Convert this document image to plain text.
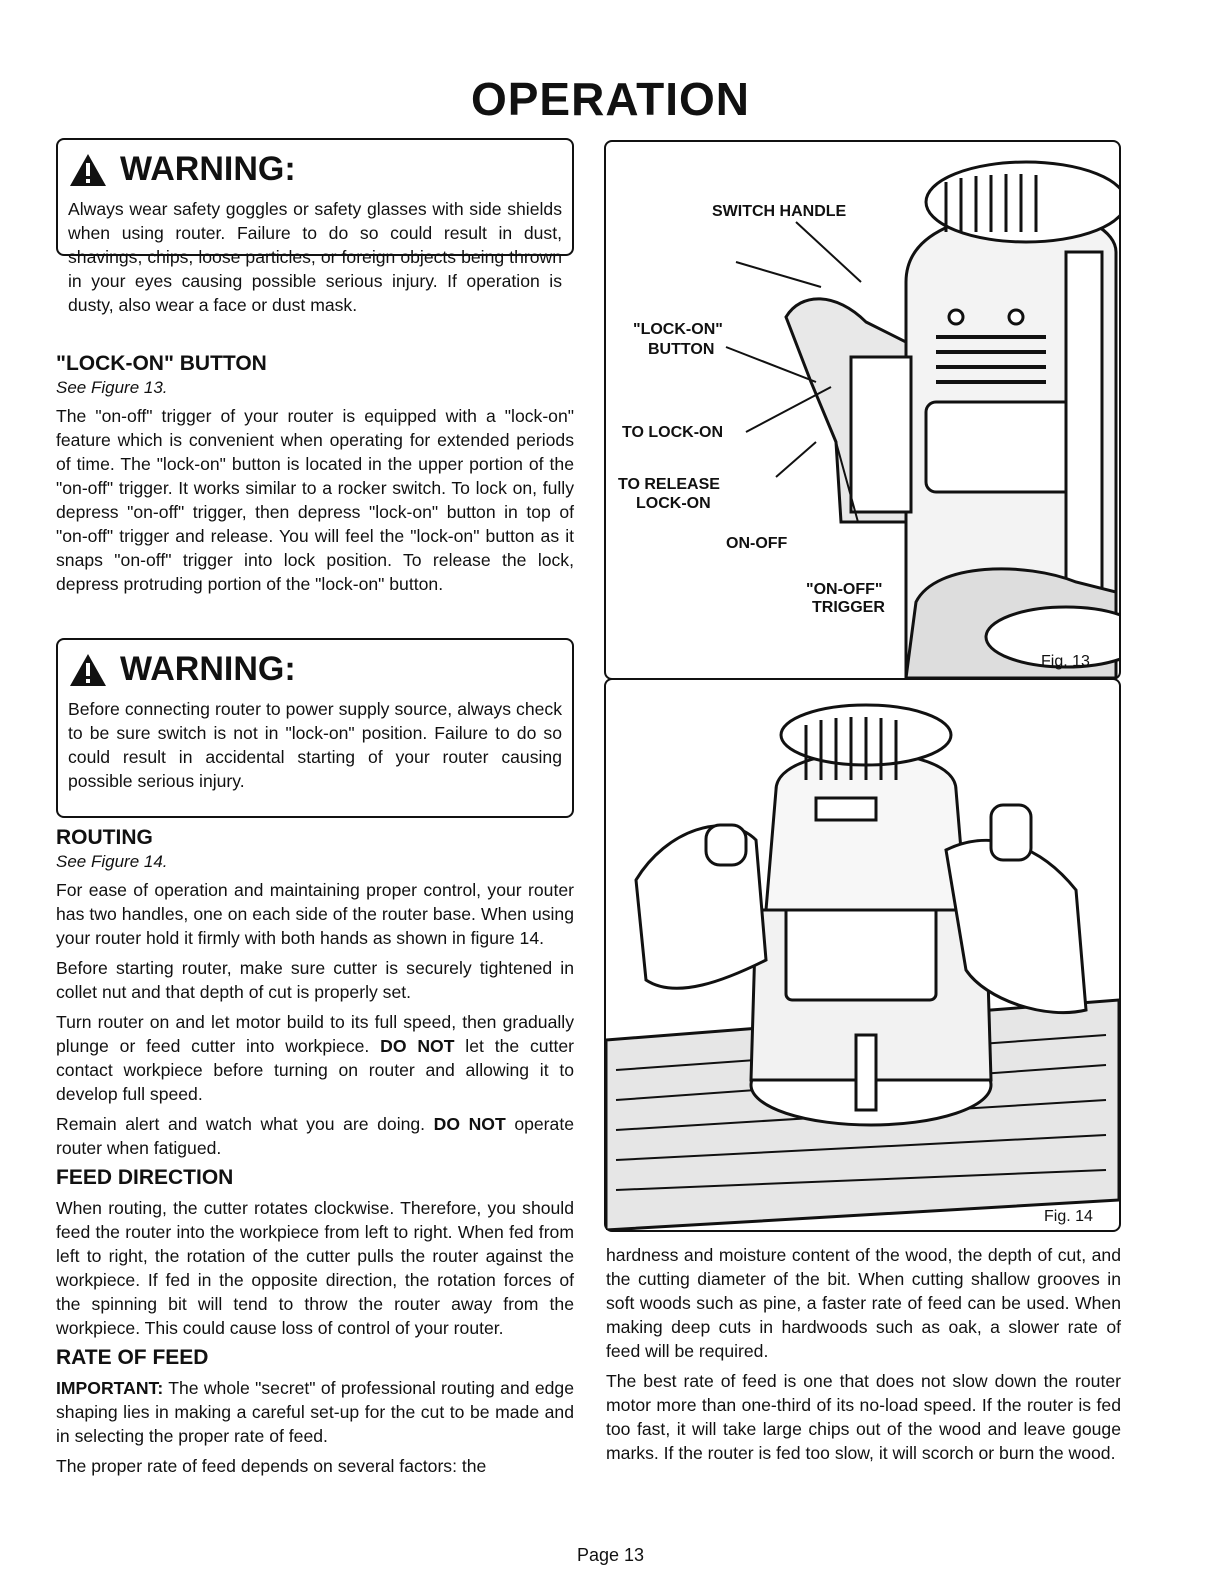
OPERATION
WARNING:

Always wear safety goggles or safety glasses with side shields when using router. Failure to do so could result in dust, shavings, chips, loose particles, or foreign objects being thrown in your eyes causing possible serious injury. If operation is dusty, also wear a face or dust mask.

"LOCK-ON" BUTTON
See Figure 13.

The "on-off" trigger of your router is equipped with a "lock-on" feature which is convenient when operating for extended periods of time. The "lock-on" button is located in the upper portion of the "on-off" trigger. It works similar to a rocker switch. To lock on, fully depress "on-off" trigger, then depress "lock-on" button in top of "on-off" trigger and release. You will feel the "lock-on" button as it snaps "on-off" trigger into lock position. To release the lock, depress protruding portion of the "lock-on" button.

WARNING:

Before connecting router to power supply source, always check to be sure switch is not in "lock-on" position. Failure to do so could result in accidental starting of your router causing possible serious injury.

ROUTING
See Figure 14.

For ease of operation and maintaining proper control, your router has two handles, one on each side of the router base. When using your router hold it firmly with both hands as shown in figure 14.

Before starting router, make sure cutter is securely tightened in collet nut and that depth of cut is properly set.

Turn router on and let motor build to its full speed, then gradually plunge or feed cutter into workpiece. DO NOT let the cutter contact workpiece before turning on router and allowing it to develop full speed.

Remain alert and watch what you are doing. DO NOT operate router when fatigued.

FEED DIRECTION

When routing, the cutter rotates clockwise. Therefore, you should feed the router into the workpiece from left to right. When fed from left to right, the rotation of the cutter pulls the router against the workpiece. If fed in the opposite direction, the rotation forces of the spinning bit will tend to throw the router away from the workpiece. This could cause loss of control of your router.

RATE OF FEED

IMPORTANT: The whole "secret" of professional routing and edge shaping lies in making a careful set-up for the cut to be made and in selecting the proper rate of feed.

The proper rate of feed depends on several factors: the

SWITCH HANDLE
"LOCK-ON"
BUTTON
TO LOCK-ON
TO RELEASE
LOCK-ON
ON-OFF
"ON-OFF"
TRIGGER
Fig. 13
Fig. 14

hardness and moisture content of the wood, the depth of cut, and the cutting diameter of the bit. When cutting shallow grooves in soft woods such as pine, a faster rate of feed can be used. When making deep cuts in hardwoods such as oak, a slower rate of feed will be required.

The best rate of feed is one that does not slow down the router motor more than one-third of its no-load speed. If the router is fed too fast, it will take large chips out of the wood and leave gouge marks. If the router is fed too slow, it will scorch or burn the wood.

Page 13
